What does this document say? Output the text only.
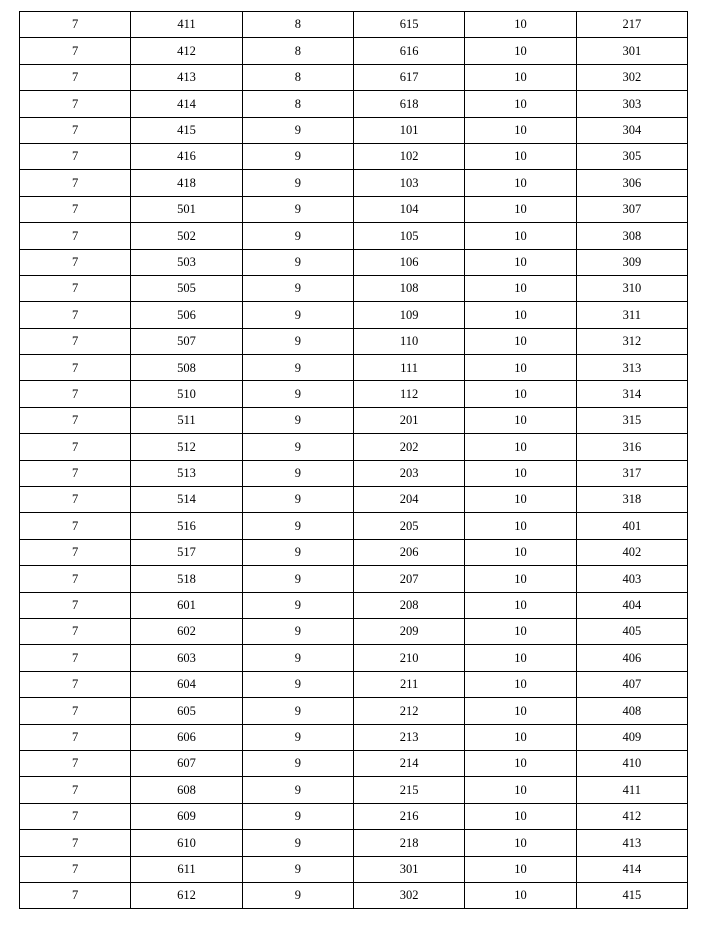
7	411	8	615	10	217
7	412	8	616	10	301
7	413	8	617	10	302
7	414	8	618	10	303
7	415	9	101	10	304
7	416	9	102	10	305
7	418	9	103	10	306
7	501	9	104	10	307
7	502	9	105	10	308
7	503	9	106	10	309
7	505	9	108	10	310
7	506	9	109	10	311
7	507	9	110	10	312
7	508	9	111	10	313
7	510	9	112	10	314
7	511	9	201	10	315
7	512	9	202	10	316
7	513	9	203	10	317
7	514	9	204	10	318
7	516	9	205	10	401
7	517	9	206	10	402
7	518	9	207	10	403
7	601	9	208	10	404
7	602	9	209	10	405
7	603	9	210	10	406
7	604	9	211	10	407
7	605	9	212	10	408
7	606	9	213	10	409
7	607	9	214	10	410
7	608	9	215	10	411
7	609	9	216	10	412
7	610	9	218	10	413
7	611	9	301	10	414
7	612	9	302	10	415
